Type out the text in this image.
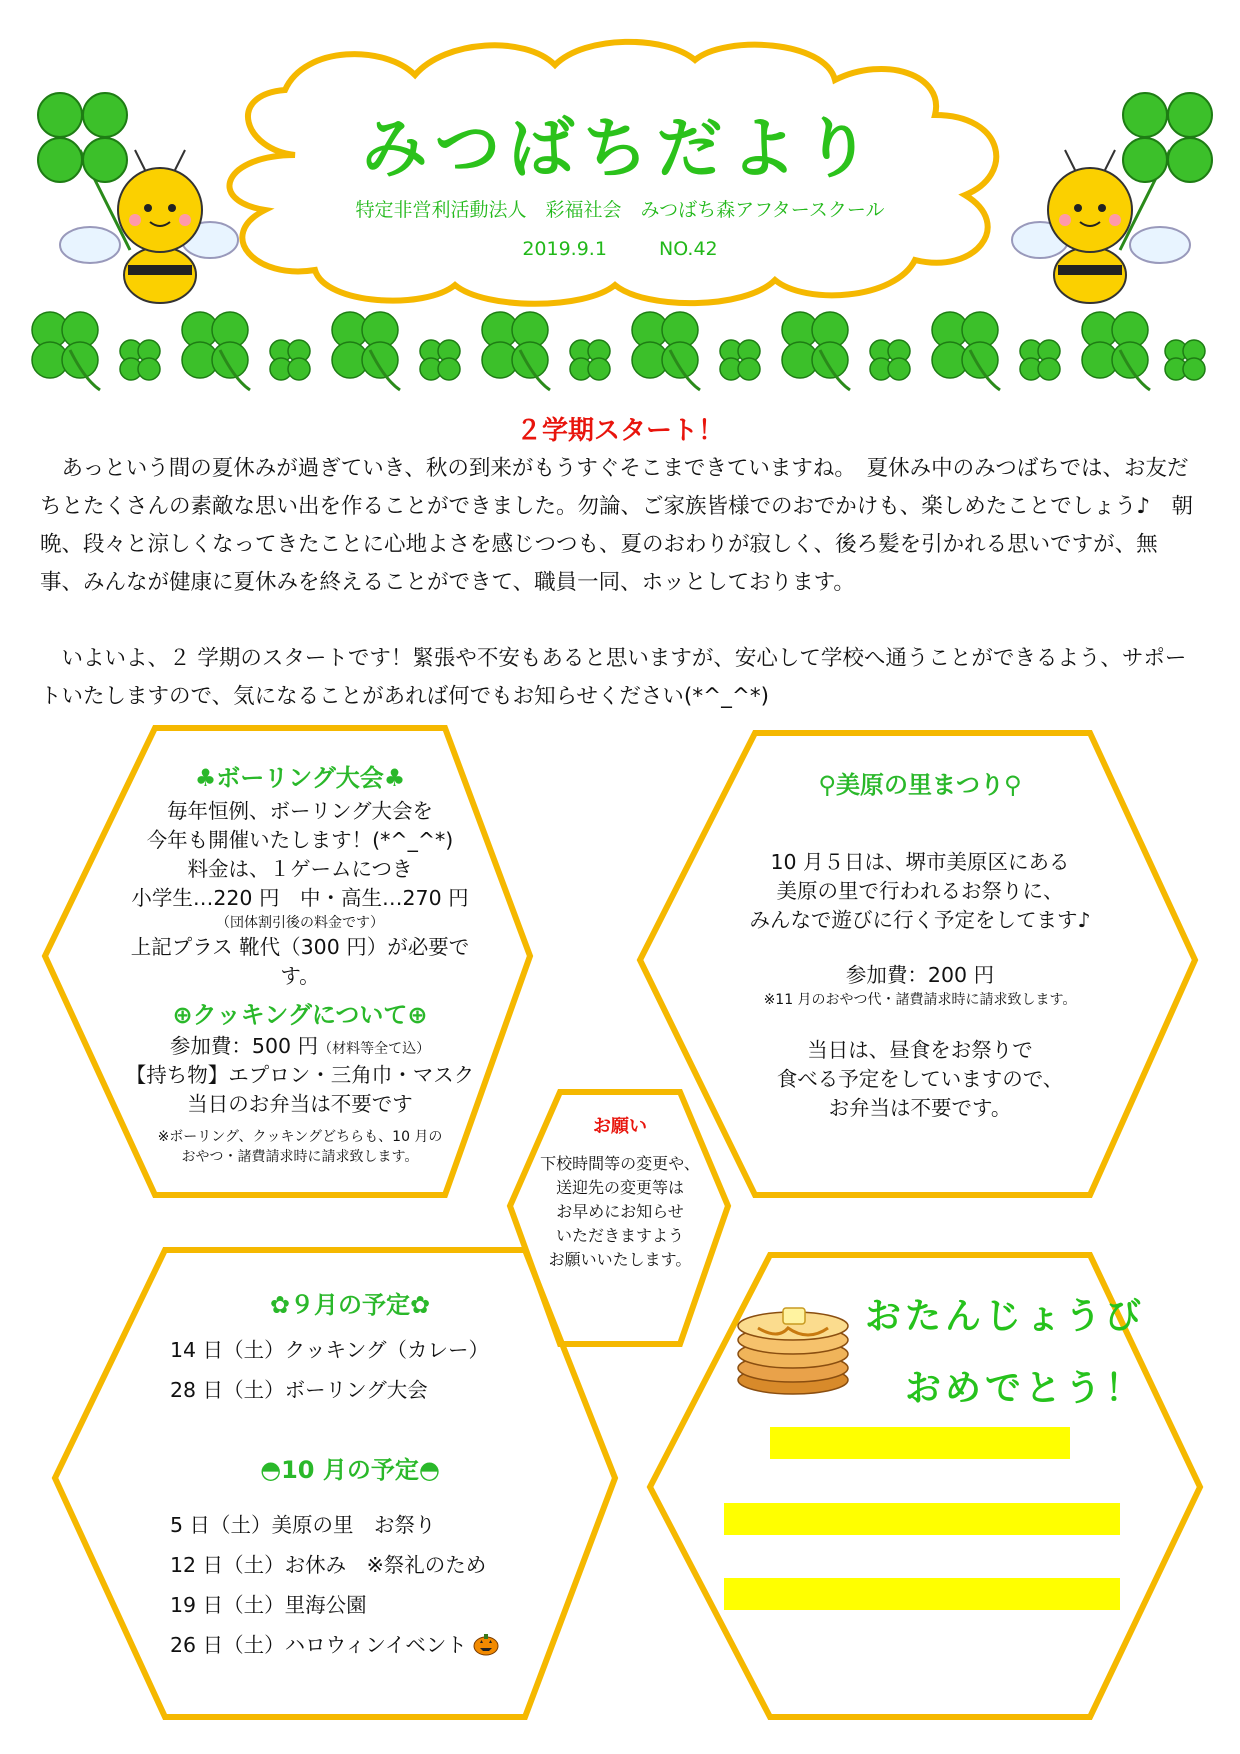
みつばちだより
特定非営利活動法人　彩福社会　みつばち森アフタースクール
2019.9.1	NO.42
２学期スタート！
あっという間の夏休みが過ぎていき、秋の到来がもうすぐそこまできていますね。　夏休み中のみつばちでは、お友だちとたくさんの素敵な思い出を作ることができました。勿論、ご家族皆様でのおでかけも、楽しめたことでしょう♪　朝晩、段々と涼しくなってきたことに心地よさを感じつつも、夏のおわりが寂しく、後ろ髪を引かれる思いですが、無事、みんなが健康に夏休みを終えることができて、職員一同、ホッとしております。
いよいよ、２ 学期のスタートです！緊張や不安もあると思いますが、安心して学校へ通うことができるよう、サポートいたしますので、気になることがあれば何でもお知らせください(*^_^*)
♣ボーリング大会♣
毎年恒例、ボーリング大会を
今年も開催いたします！(*^_^*)
料金は、１ゲームにつき
小学生…220 円　中・高生…270 円
（団体割引後の料金です）
上記プラス 靴代（300 円）が必要です。
⊕クッキングについて⊕
参加費：500 円（材料等全て込）
【持ち物】エプロン・三角巾・マスク
当日のお弁当は不要です
※ボーリング、クッキングどちらも、10 月の
おやつ・諸費請求時に請求致します。
⚲美原の里まつり⚲
10 月５日は、堺市美原区にある
美原の里で行われるお祭りに、
みんなで遊びに行く予定をしてます♪
参加費：200 円
※11 月のおやつ代・諸費請求時に請求致します。
当日は、昼食をお祭りで
食べる予定をしていますので、
お弁当は不要です。
お願い
下校時間等の変更や、
送迎先の変更等は
お早めにお知らせ
いただきますよう
お願いいたします。
✿９月の予定✿
14 日（土）クッキング（カレー）
28 日（土）ボーリング大会
◓10 月の予定◓
5 日（土）美原の里　お祭り
12 日（土）お休み　※祭礼のため
19 日（土）里海公園
26 日（土）ハロウィンイベント
おたんじょうび
おめでとう！
